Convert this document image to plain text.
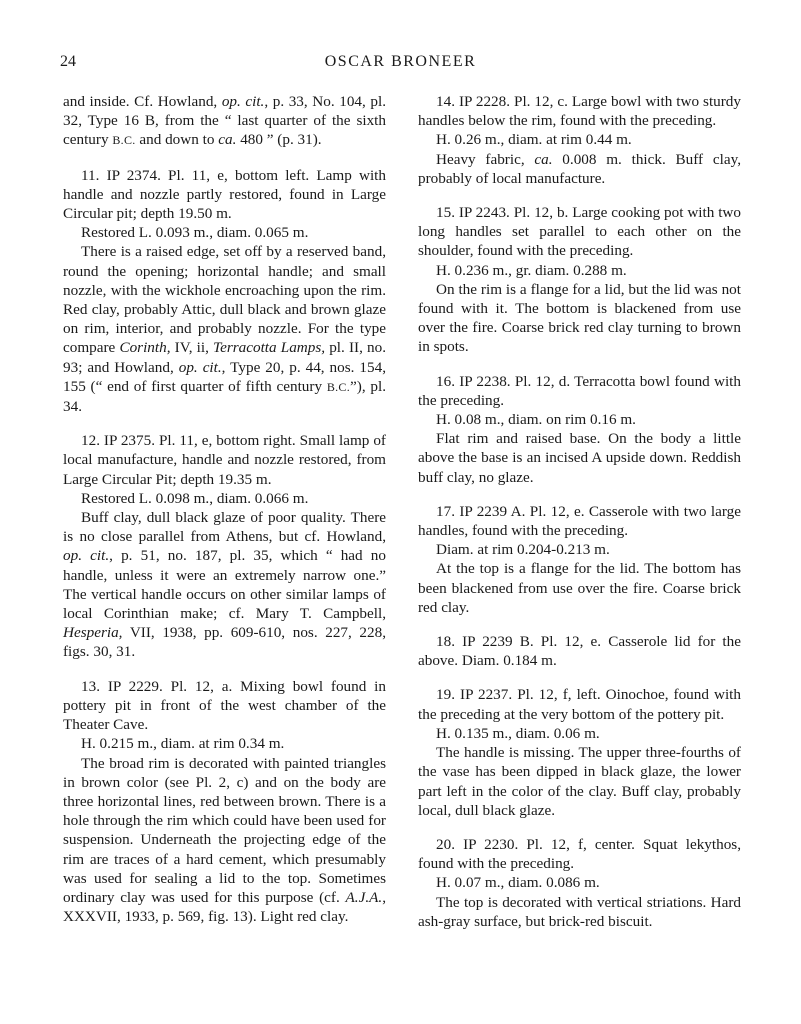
24	OSCAR BRONEER

and inside. Cf. Howland, op. cit., p. 33, No. 104, pl. 32, Type 16 B, from the “ last quarter of the sixth century B.C. and down to ca. 480 ” (p. 31).

11. IP 2374. Pl. 11, e, bottom left. Lamp with handle and nozzle partly restored, found in Large Circular pit; depth 19.50 m.

Restored L. 0.093 m., diam. 0.065 m.

There is a raised edge, set off by a reserved band, round the opening; horizontal handle; and small nozzle, with the wickhole encroaching upon the rim. Red clay, probably Attic, dull black and brown glaze on rim, interior, and probably nozzle. For the type compare Corinth, IV, ii, Terracotta Lamps, pl. II, no. 93; and Howland, op. cit., Type 20, p. 44, nos. 154, 155 (“ end of first quarter of fifth century B.C.”), pl. 34.

12. IP 2375. Pl. 11, e, bottom right. Small lamp of local manufacture, handle and nozzle restored, from Large Circular Pit; depth 19.35 m.

Restored L. 0.098 m., diam. 0.066 m.

Buff clay, dull black glaze of poor quality. There is no close parallel from Athens, but cf. Howland, op. cit., p. 51, no. 187, pl. 35, which “ had no handle, unless it were an extremely narrow one.” The vertical handle occurs on other similar lamps of local Corinthian make; cf. Mary T. Campbell, Hesperia, VII, 1938, pp. 609-610, nos. 227, 228, figs. 30, 31.

13. IP 2229. Pl. 12, a. Mixing bowl found in pottery pit in front of the west chamber of the Theater Cave.

H. 0.215 m., diam. at rim 0.34 m.

The broad rim is decorated with painted triangles in brown color (see Pl. 2, c) and on the body are three horizontal lines, red between brown. There is a hole through the rim which could have been used for suspension. Underneath the projecting edge of the rim are traces of a hard cement, which presumably was used for sealing a lid to the top. Sometimes ordinary clay was used for this purpose (cf. A.J.A., XXXVII, 1933, p. 569, fig. 13). Light red clay.

14. IP 2228. Pl. 12, c. Large bowl with two sturdy handles below the rim, found with the preceding.

H. 0.26 m., diam. at rim 0.44 m.

Heavy fabric, ca. 0.008 m. thick. Buff clay, probably of local manufacture.

15. IP 2243. Pl. 12, b. Large cooking pot with two long handles set parallel to each other on the shoulder, found with the preceding.

H. 0.236 m., gr. diam. 0.288 m.

On the rim is a flange for a lid, but the lid was not found with it. The bottom is blackened from use over the fire. Coarse brick red clay turning to brown in spots.

16. IP 2238. Pl. 12, d. Terracotta bowl found with the preceding.

H. 0.08 m., diam. on rim 0.16 m.

Flat rim and raised base. On the body a little above the base is an incised A upside down. Reddish buff clay, no glaze.

17. IP 2239 A. Pl. 12, e. Casserole with two large handles, found with the preceding.

Diam. at rim 0.204-0.213 m.

At the top is a flange for the lid. The bottom has been blackened from use over the fire. Coarse brick red clay.

18. IP 2239 B. Pl. 12, e. Casserole lid for the above. Diam. 0.184 m.

19. IP 2237. Pl. 12, f, left. Oinochoe, found with the preceding at the very bottom of the pottery pit.

H. 0.135 m., diam. 0.06 m.

The handle is missing. The upper three-fourths of the vase has been dipped in black glaze, the lower part left in the color of the clay. Buff clay, probably local, dull black glaze.

20. IP 2230. Pl. 12, f, center. Squat lekythos, found with the preceding.

H. 0.07 m., diam. 0.086 m.

The top is decorated with vertical striations. Hard ash-gray surface, but brick-red biscuit.
